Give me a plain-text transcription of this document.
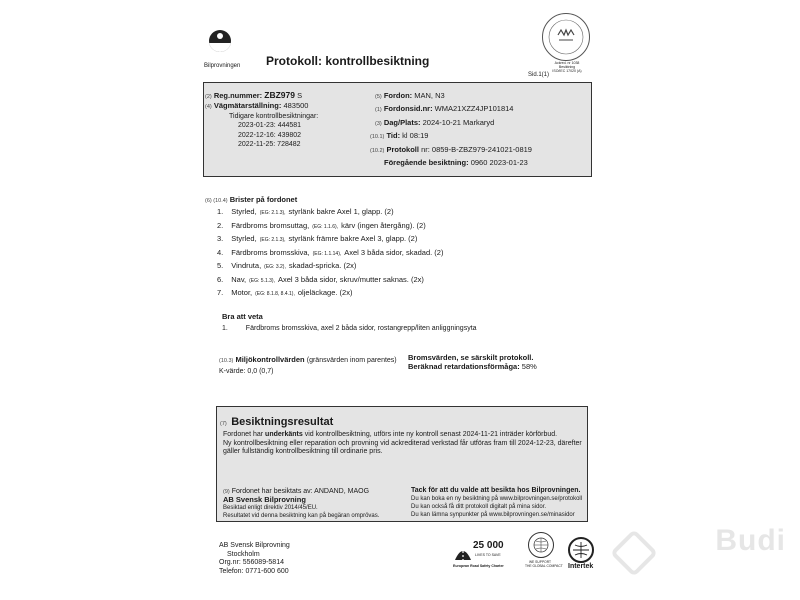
Bilprovningen Protokoll: kontrollbesiktning
Sid.1(1)
Ackred. nr 1038
Besiktning
ISO/IEC 17020 (A)
(2) Reg.nummer: ZBZ979 S
(4) Vägmätarställning: 483500
Tidigare kontrollbesiktningar:
2023-01-23: 444581
2022-12-16: 439802
2022-11-25: 728482
(5) Fordon: MAN, N3
(1) Fordonsid.nr: WMA21XZZ4JP101814
(3) Dag/Plats: 2024-10-21 Markaryd
(10.1) Tid: kl 08:19
(10.2) Protokoll nr: 0859-B-ZBZ979-241021-0819
Föregående besiktning: 0960 2023-01-23
(6) (10.4) Brister på fordonet
1. Styrled, (EG: 2.1.3), styrlänk bakre Axel 1, glapp. (2)
2. Färdbroms bromsuttag, (EG: 1.1.6), kärv (ingen återgång). (2)
3. Styrled, (EG: 2.1.3), styrlänk främre bakre Axel 3, glapp. (2)
4. Färdbroms bromsskiva, (EG: 1.1.14), Axel 3 båda sidor, skadad. (2)
5. Vindruta, (EG: 3.2), skadad-spricka. (2x)
6. Nav, (EG: 5.1.3), Axel 3 båda sidor, skruv/mutter saknas. (2x)
7. Motor, (EG: 8.1.8, 8.4.1), oljeläckage. (2x)
Bra att veta
1.	Färdbroms bromsskiva, axel 2 båda sidor, rostangrepp/liten anliggningsyta
(10.3) Miljökontrollvärden (gränsvärden inom parentes)
K-värde: 0,0 (0,7)
Bromsvärden, se särskilt protokoll.
Beräknad retardationsförmåga: 58%
(7) Besiktningsresultat
Fordonet har underkänts vid kontrollbesiktning, utförs inte ny kontroll senast 2024-11-21 inträder körförbud.
Ny kontrollbesiktning eller reparation och provning vid ackrediterad verkstad får utföras fram till 2024-12-23, därefter
gäller fullständig kontrollbesiktning till ordinarie pris.
(9) Fordonet har besiktats av: ANDAND, MAOG
AB Svensk Bilprovning
Besiktad enligt direktiv 2014/45/EU.
Resultatet vid denna besiktning kan på begäran omprövas.
Tack för att du valde att besikta hos Bilprovningen.
Du kan boka en ny besiktning på www.bilprovningen.se/protokoll
Du kan också få ditt protokoll digitalt på mina sidor.
Du kan lämna synpunkter på www.bilprovningen.se/minasidor
AB Svensk Bilprovning
Stockholm
Org.nr: 556089-5814
Telefon: 0771-600 600
25 000
LIVES TO SAVE
European Road Safety Charter
WE SUPPORT
THE GLOBAL COMPACT Intertek
Budi
